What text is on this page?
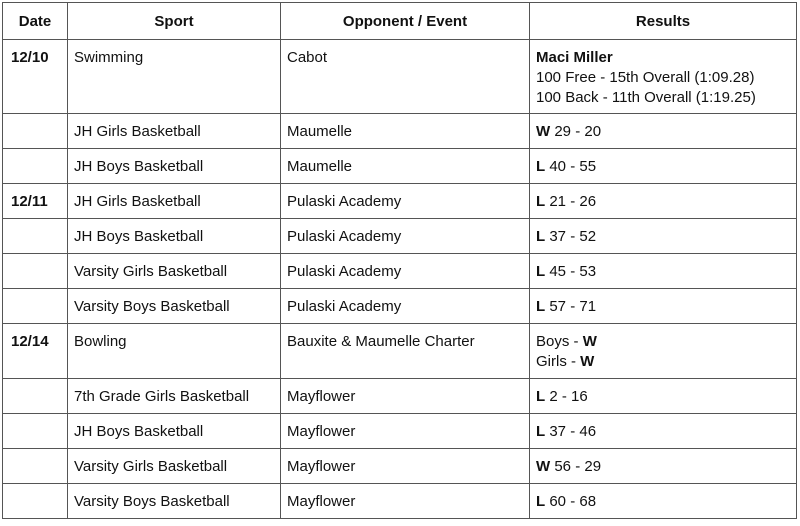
Date	Sport	Opponent / Event	Results
12/10	Swimming	Cabot	Maci Miller
100 Free - 15th Overall (1:09.28)
100 Back - 11th Overall (1:19.25)

	JH Girls Basketball	Maumelle	W 29 - 20
	JH Boys Basketball	Maumelle	L 40 - 55
12/11	JH Girls Basketball	Pulaski Academy	L 21 - 26
	JH Boys Basketball	Pulaski Academy	L 37 - 52
	Varsity Girls Basketball	Pulaski Academy	L 45 - 53
	Varsity Boys Basketball	Pulaski Academy	L 57 - 71
12/14	Bowling	Bauxite & Maumelle Charter	Boys - W
Girls - W

	7th Grade Girls Basketball	Mayflower	L 2 - 16
	JH Boys Basketball	Mayflower	L 37 - 46
	Varsity Girls Basketball	Mayflower	W 56 - 29
	Varsity Boys Basketball	Mayflower	L 60 - 68
